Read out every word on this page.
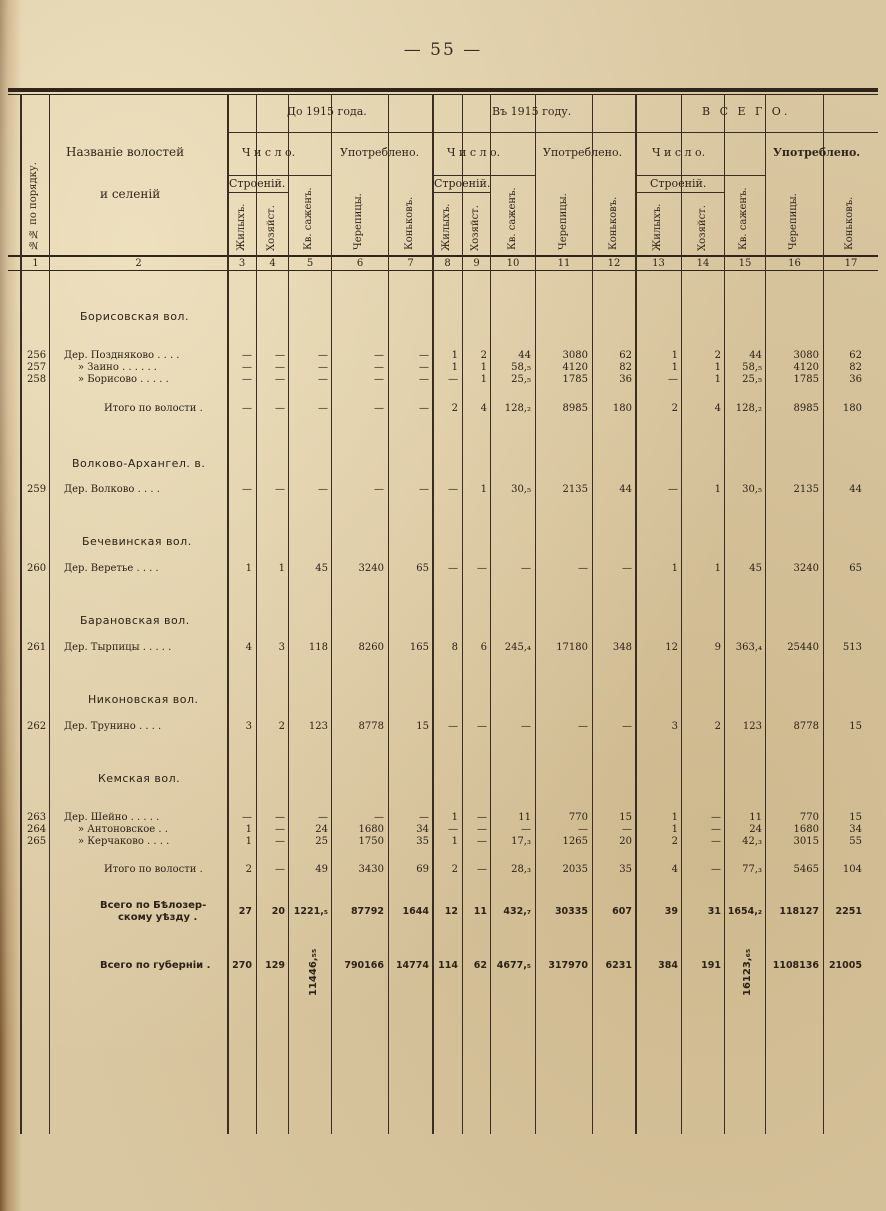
— 55 —
№№ по порядку.
Названіе волостей
и селеній
До 1915 года.	Въ 1915 году.	В С Е Г О.
Ч и с л о.	Употреблено.	Ч и с л о.	Употреблено.	Ч и с л о.	Употреблено.
Строеній.	Строеній.	Строеній.
Жилыхъ. Хозяйст.	Кв. саженъ.	Черепицы.	Коньковъ.	Жилыхъ. Хозяйст.	Кв. саженъ.	Черепицы.	Коньковъ.	Жилыхъ.	Хозяйст.	Кв. саженъ.	Черепицы.	Коньковъ.
1	2	3	4	5	6	7	8	9	10	11	12	13	14	15	16	17
Борисовская вол.
Волково-Архангел. в.
Бечевинская вол.
Барановская вол.
Никоновская вол.
Кемская вол.
256 Дер. Поздняково . . . .	—	—	—	—	—	1	2	44	3080	62	1	2	44	3080	62
257	» Заино . . . . . .	—	—	—	—	—	1	1	58,₅	4120	82	1	1	58,₅	4120	82
258	» Борисово . . . . .	—	—	—	—	—	—	1	25,₅	1785	36	—	1	25,₅	1785	36
Итого по волости .	—	—	—	—	—	2	4	128,₂	8985	180	2	4	128,₂	8985	180
259 Дер. Волково . . . .	—	—	—	—	—	—	1	30,₅	2135	44	—	1	30,₅	2135	44
260 Дер. Веретье . . . .	1	1	45	3240	65	—	—	—	—	—	1	1	45	3240	65
261 Дер. Тырпицы . . . . .	4	3	118	8260	165	8	6	245,₄	17180	348	12	9	363,₄	25440	513
262 Дер. Трунино . . . .	3	2	123	8778	15	—	—	—	—	—	3	2	123	8778	15
263 Дер. Шейно . . . . .	—	—	—	—	—	1	—	11	770	15	1	—	11	770	15
264	» Антоновское . .	1	—	24	1680	34	—	—	—	—	—	1	—	24	1680	34
265	» Керчаково . . . .	1	—	25	1750	35	1	—	17,₃	1265	20	2	—	42,₃	3015	55
Итого по волости .	2	—	49	3430	69	2	—	28,₃	2035	35	4	—	77,₃	5465	104
Всего по Бѣлозер-
скому уѣзду .
27	20 1221,₅	87792	1644	12	11	432,₇	30335	607	39	31 1654,₂	118127	2251
Всего по губерніи .	270	129 11446,₅₅	790166	14774 114	62	4677,₅	317970	6231	384	191 16123,₆₅	1108136	21005
